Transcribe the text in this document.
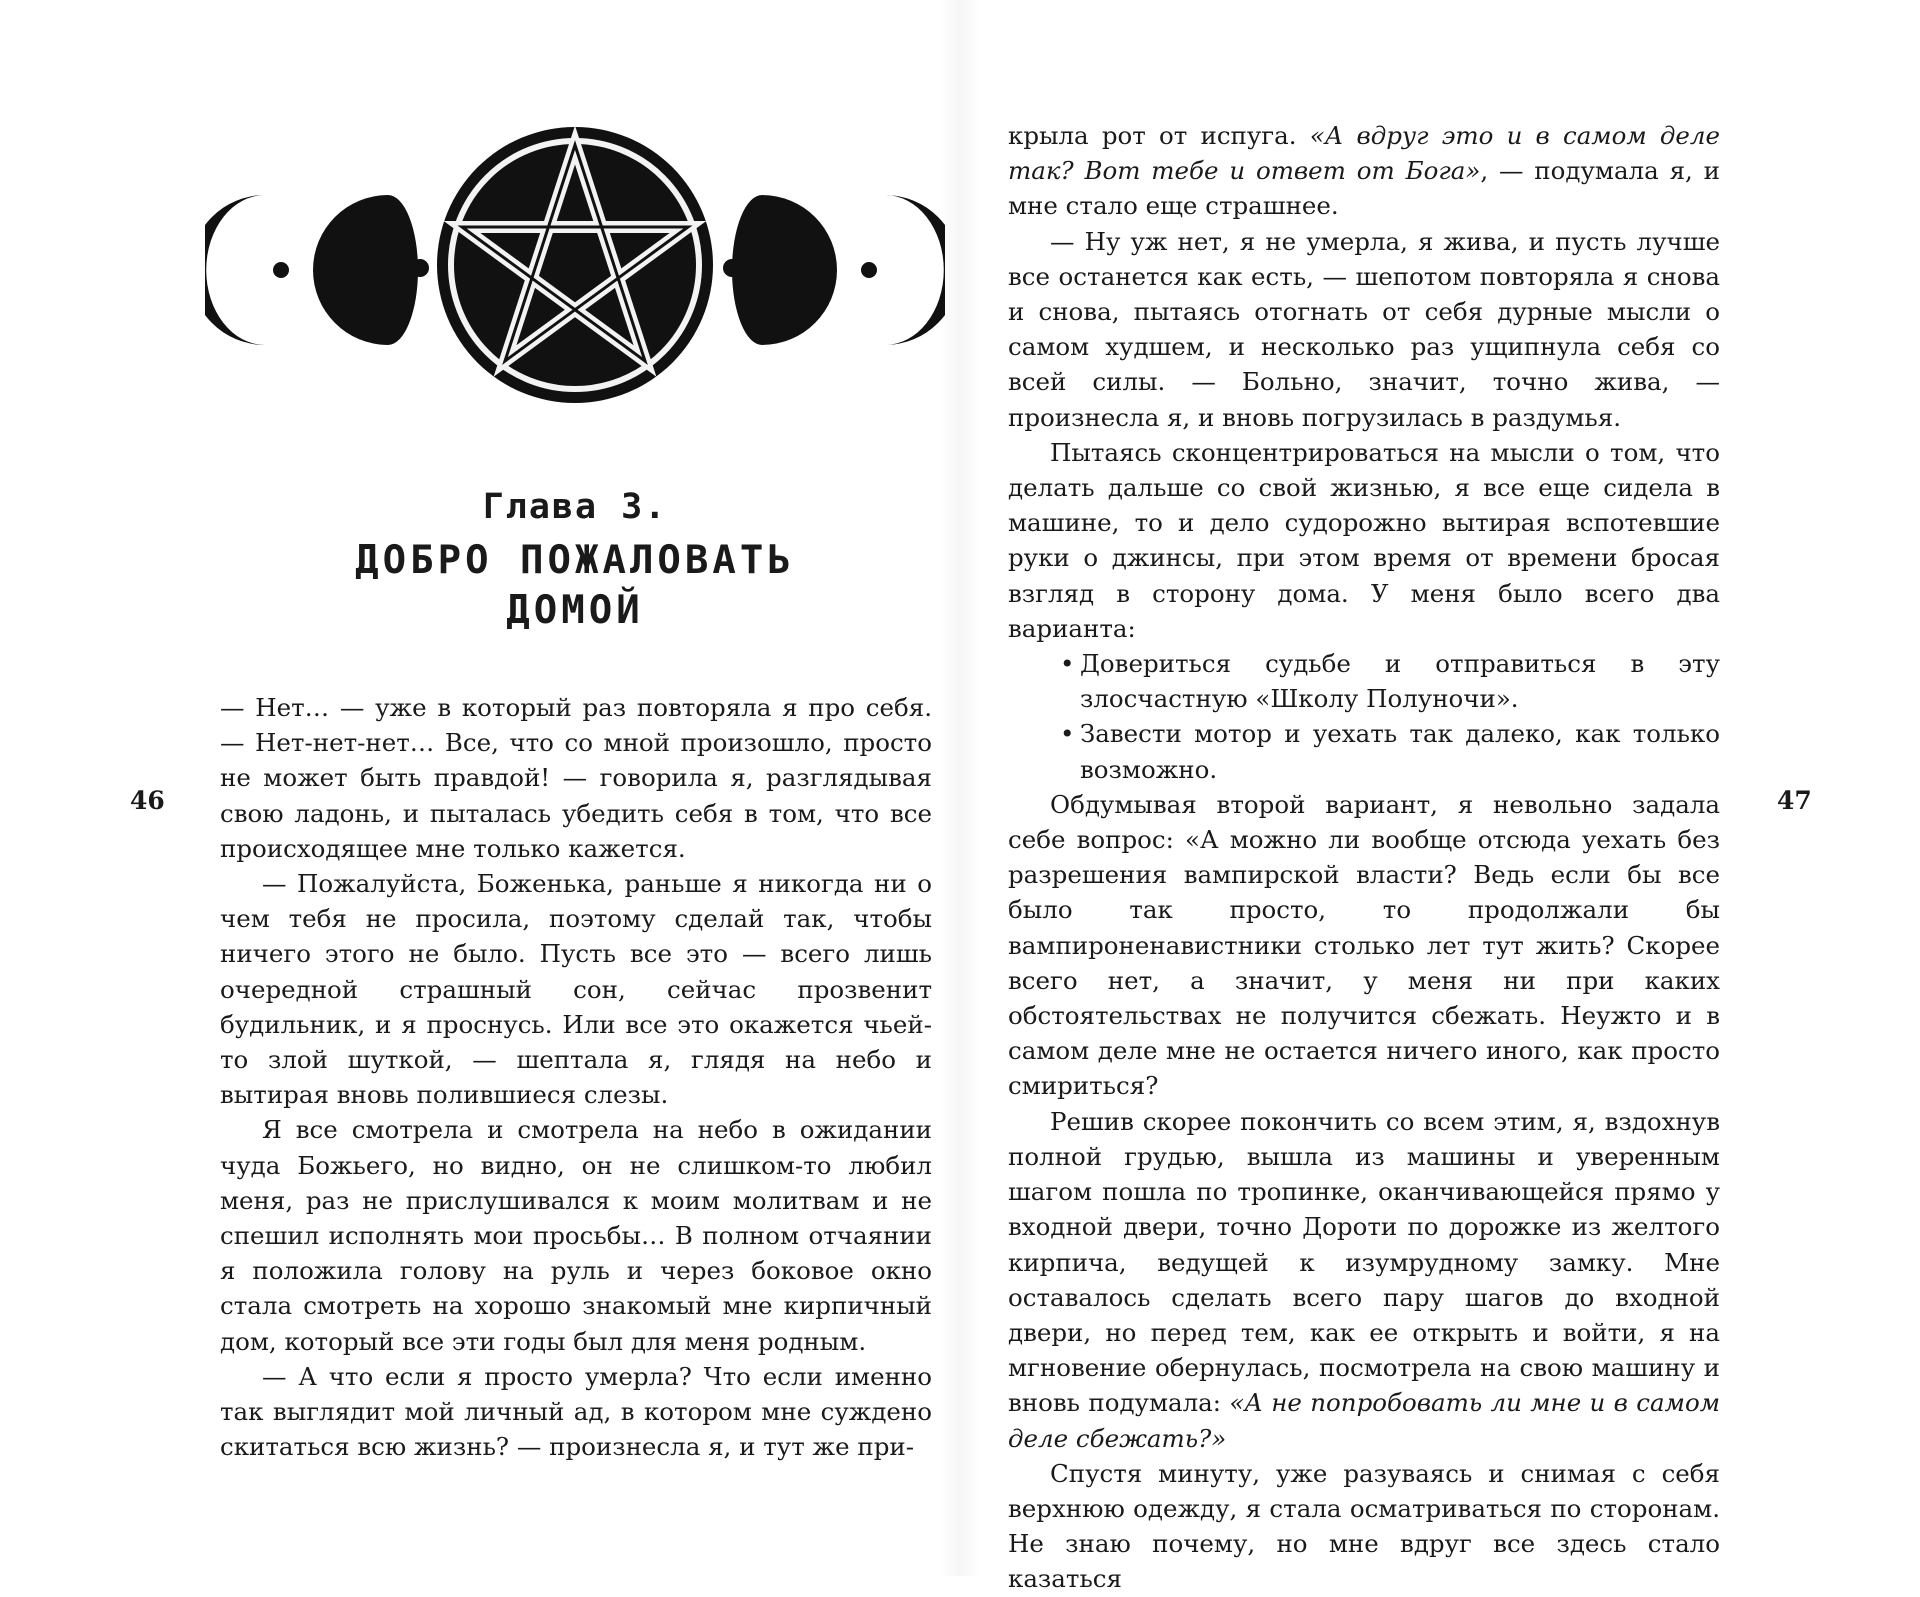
46
Глава 3.
ДОБРО ПОЖАЛОВАТЬ
ДОМОЙ

— Нет… — уже в который раз повторяла я про себя. — Нет-нет-нет… Все, что со мной произошло, просто не может быть правдой! — говорила я, разглядывая свою ладонь, и пыталась убедить себя в том, что все происходящее мне только кажется.

— Пожалуйста, Боженька, раньше я никогда ни о чем тебя не просила, поэтому сделай так, чтобы ничего этого не было. Пусть все это — всего лишь очередной страшный сон, сейчас прозвенит будильник, и я проснусь. Или все это окажется чьей-то злой шуткой, — шептала я, глядя на небо и вытирая вновь полившиеся слезы.

Я все смотрела и смотрела на небо в ожидании чуда Божьего, но видно, он не слишком-то любил меня, раз не прислушивался к моим молитвам и не спешил исполнять мои просьбы… В полном отчаянии я положила голову на руль и через боковое окно стала смотреть на хорошо знакомый мне кирпичный дом, который все эти годы был для меня родным.

— А что если я просто умерла? Что если именно так выглядит мой личный ад, в котором мне суждено скитаться всю жизнь? — произнесла я, и тут же при-

47

крыла рот от испуга. «А вдруг это и в самом деле так? Вот тебе и ответ от Бога», — подумала я, и мне стало еще страшнее.

— Ну уж нет, я не умерла, я жива, и пусть лучше все останется как есть, — шепотом повторяла я снова и снова, пытаясь отогнать от себя дурные мысли о самом худшем, и несколько раз ущипнула себя со всей силы. — Больно, значит, точно жива, — произнесла я, и вновь погрузилась в раздумья.

Пытаясь сконцентрироваться на мысли о том, что делать дальше со свой жизнью, я все еще сидела в машине, то и дело судорожно вытирая вспотевшие руки о джинсы, при этом время от времени бросая взгляд в сторону дома. У меня было всего два варианта:

• Довериться судьбе и отправиться в эту злосчастную «Школу Полуночи».
• Завести мотор и уехать так далеко, как только возможно.

Обдумывая второй вариант, я невольно задала себе вопрос: «А можно ли вообще отсюда уехать без разрешения вампирской власти? Ведь если бы все было так просто, то продолжали бы вампироненавистники столько лет тут жить? Скорее всего нет, а значит, у меня ни при каких обстоятельствах не получится сбежать. Неужто и в самом деле мне не остается ничего иного, как просто смириться?

Решив скорее покончить со всем этим, я, вздохнув полной грудью, вышла из машины и уверенным шагом пошла по тропинке, оканчивающейся прямо у входной двери, точно Дороти по дорожке из желтого кирпича, ведущей к изумрудному замку. Мне оставалось сделать всего пару шагов до входной двери, но перед тем, как ее открыть и войти, я на мгновение обернулась, посмотрела на свою машину и вновь подумала: «А не попробовать ли мне и в самом деле сбежать?»

Спустя минуту, уже разуваясь и снимая с себя верхнюю одежду, я стала осматриваться по сторонам. Не знаю почему, но мне вдруг все здесь стало казаться
